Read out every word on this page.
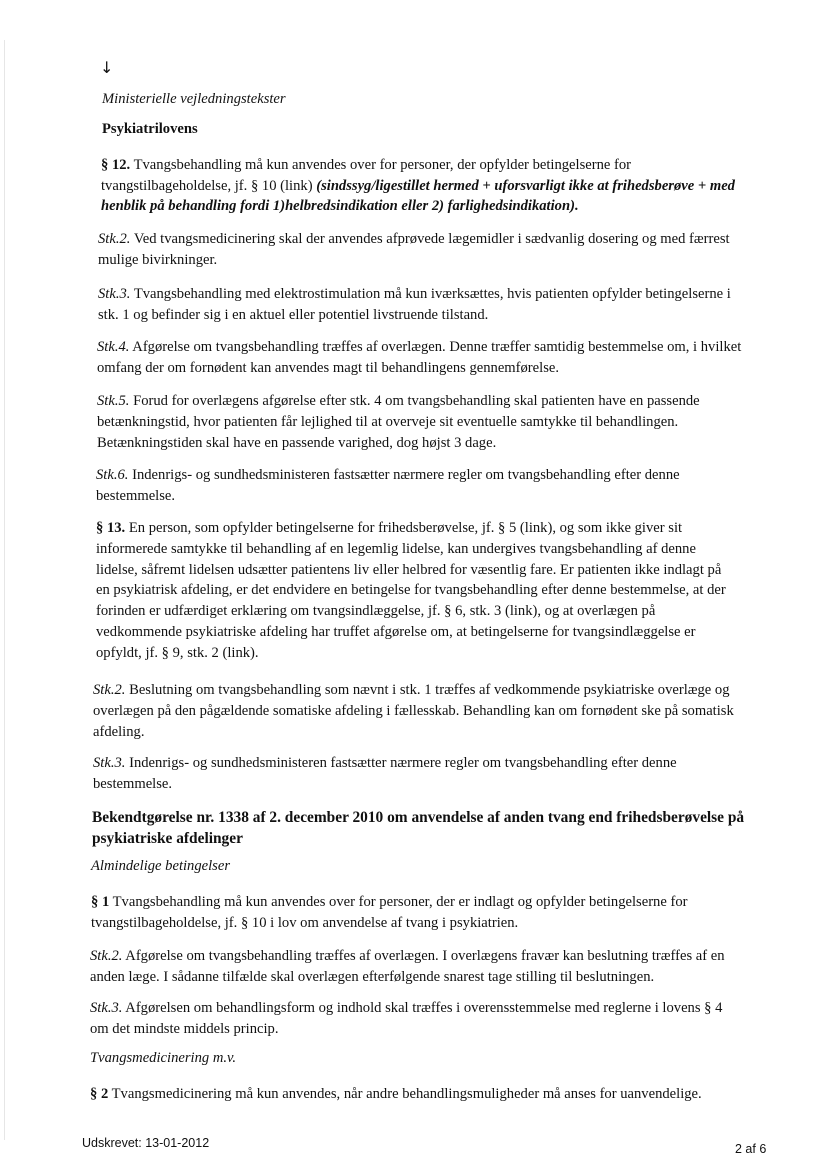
↓

Ministerielle vejledningstekster

Psykiatrilovens

§ 12. Tvangsbehandling må kun anvendes over for personer, der opfylder betingelserne for
tvangstilbageholdelse, jf. § 10 (link) (sindssyg/ligestillet hermed + uforsvarligt ikke at frihedsberøve + med
henblik på behandling fordi 1)helbredsindikation eller 2) farlighedsindikation).
Stk.2. Ved tvangsmedicinering skal der anvendes afprøvede lægemidler i sædvanlig dosering og med færrest
mulige bivirkninger.
Stk.3. Tvangsbehandling med elektrostimulation må kun iværksættes, hvis patienten opfylder betingelserne i
stk. 1 og befinder sig i en aktuel eller potentiel livstruende tilstand.
Stk.4. Afgørelse om tvangsbehandling træffes af overlægen. Denne træffer samtidig bestemmelse om, i hvilket
omfang der om fornødent kan anvendes magt til behandlingens gennemførelse.
Stk.5. Forud for overlægens afgørelse efter stk. 4 om tvangsbehandling skal patienten have en passende
betænkningstid, hvor patienten får lejlighed til at overveje sit eventuelle samtykke til behandlingen.
Betænkningstiden skal have en passende varighed, dog højst 3 dage.
Stk.6. Indenrigs- og sundhedsministeren fastsætter nærmere regler om tvangsbehandling efter denne
bestemmelse.
§ 13. En person, som opfylder betingelserne for frihedsberøvelse, jf. § 5 (link), og som ikke giver sit
informerede samtykke til behandling af en legemlig lidelse, kan undergives tvangsbehandling af denne
lidelse, såfremt lidelsen udsætter patientens liv eller helbred for væsentlig fare. Er patienten ikke indlagt på
en psykiatrisk afdeling, er det endvidere en betingelse for tvangsbehandling efter denne bestemmelse, at der
forinden er udfærdiget erklæring om tvangsindlæggelse, jf. § 6, stk. 3 (link), og at overlægen på
vedkommende psykiatriske afdeling har truffet afgørelse om, at betingelserne for tvangsindlæggelse er
opfyldt, jf. § 9, stk. 2 (link).
Stk.2. Beslutning om tvangsbehandling som nævnt i stk. 1 træffes af vedkommende psykiatriske overlæge og
overlægen på den pågældende somatiske afdeling i fællesskab. Behandling kan om fornødent ske på somatisk
afdeling.
Stk.3. Indenrigs- og sundhedsministeren fastsætter nærmere regler om tvangsbehandling efter denne
bestemmelse.
Bekendtgørelse nr. 1338 af 2. december 2010 om anvendelse af anden tvang end frihedsberøvelse på
psykiatriske afdelinger
Almindelige betingelser
§ 1 Tvangsbehandling må kun anvendes over for personer, der er indlagt og opfylder betingelserne for
tvangstilbageholdelse, jf. § 10 i lov om anvendelse af tvang i psykiatrien.
Stk.2. Afgørelse om tvangsbehandling træffes af overlægen. I overlægens fravær kan beslutning træffes af en
anden læge. I sådanne tilfælde skal overlægen efterfølgende snarest tage stilling til beslutningen.
Stk.3. Afgørelsen om behandlingsform og indhold skal træffes i overensstemmelse med reglerne i lovens § 4
om det mindste middels princip.
Tvangsmedicinering m.v.
§ 2 Tvangsmedicinering må kun anvendes, når andre behandlingsmuligheder må anses for uanvendelige.
Udskrevet: 13-01-2012	2 af 6
